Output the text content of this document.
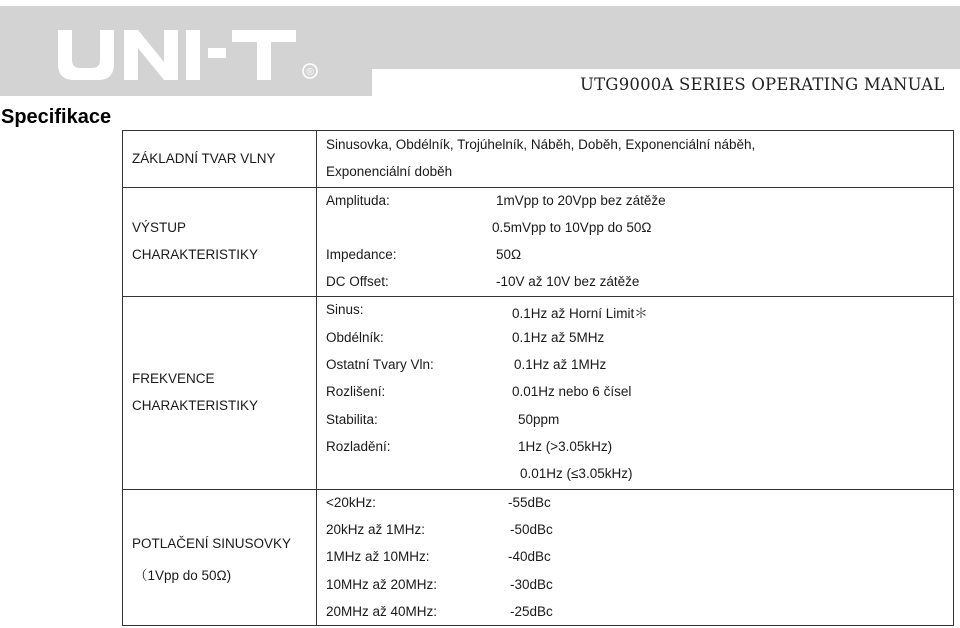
®
UTG9000A SERIES OPERATING MANUAL
Specifikace
ZÁKLADNÍ TVAR VLNY
Sinusovka, Obdélník, Trojúhelník, Náběh, Doběh, Exponenciální náběh,
Exponenciální doběh
VÝSTUP
CHARAKTERISTIKY
Amplituda:	1mVpp to 20Vpp bez zátěže
0.5mVpp to 10Vpp do 50Ω
Impedance:	50Ω
DC Offset:	-10V až 10V bez zátěže
FREKVENCE
CHARAKTERISTIKY
Sinus:	0.1Hz až Horní Limit＊
Obdélník:	0.1Hz až 5MHz
Ostatní Tvary Vln:	0.1Hz až 1MHz
Rozlišení:	0.01Hz nebo 6 čísel
Stabilita:	50ppm
Rozladění:	1Hz (>3.05kHz)
0.01Hz (≤3.05kHz)
POTLAČENÍ SINUSOVKY
（1Vpp do 50Ω)
<20kHz:	-55dBc
20kHz až 1MHz:	-50dBc
1MHz až 10MHz:	-40dBc
10MHz až 20MHz:	-30dBc
20MHz až 40MHz:	-25dBc
